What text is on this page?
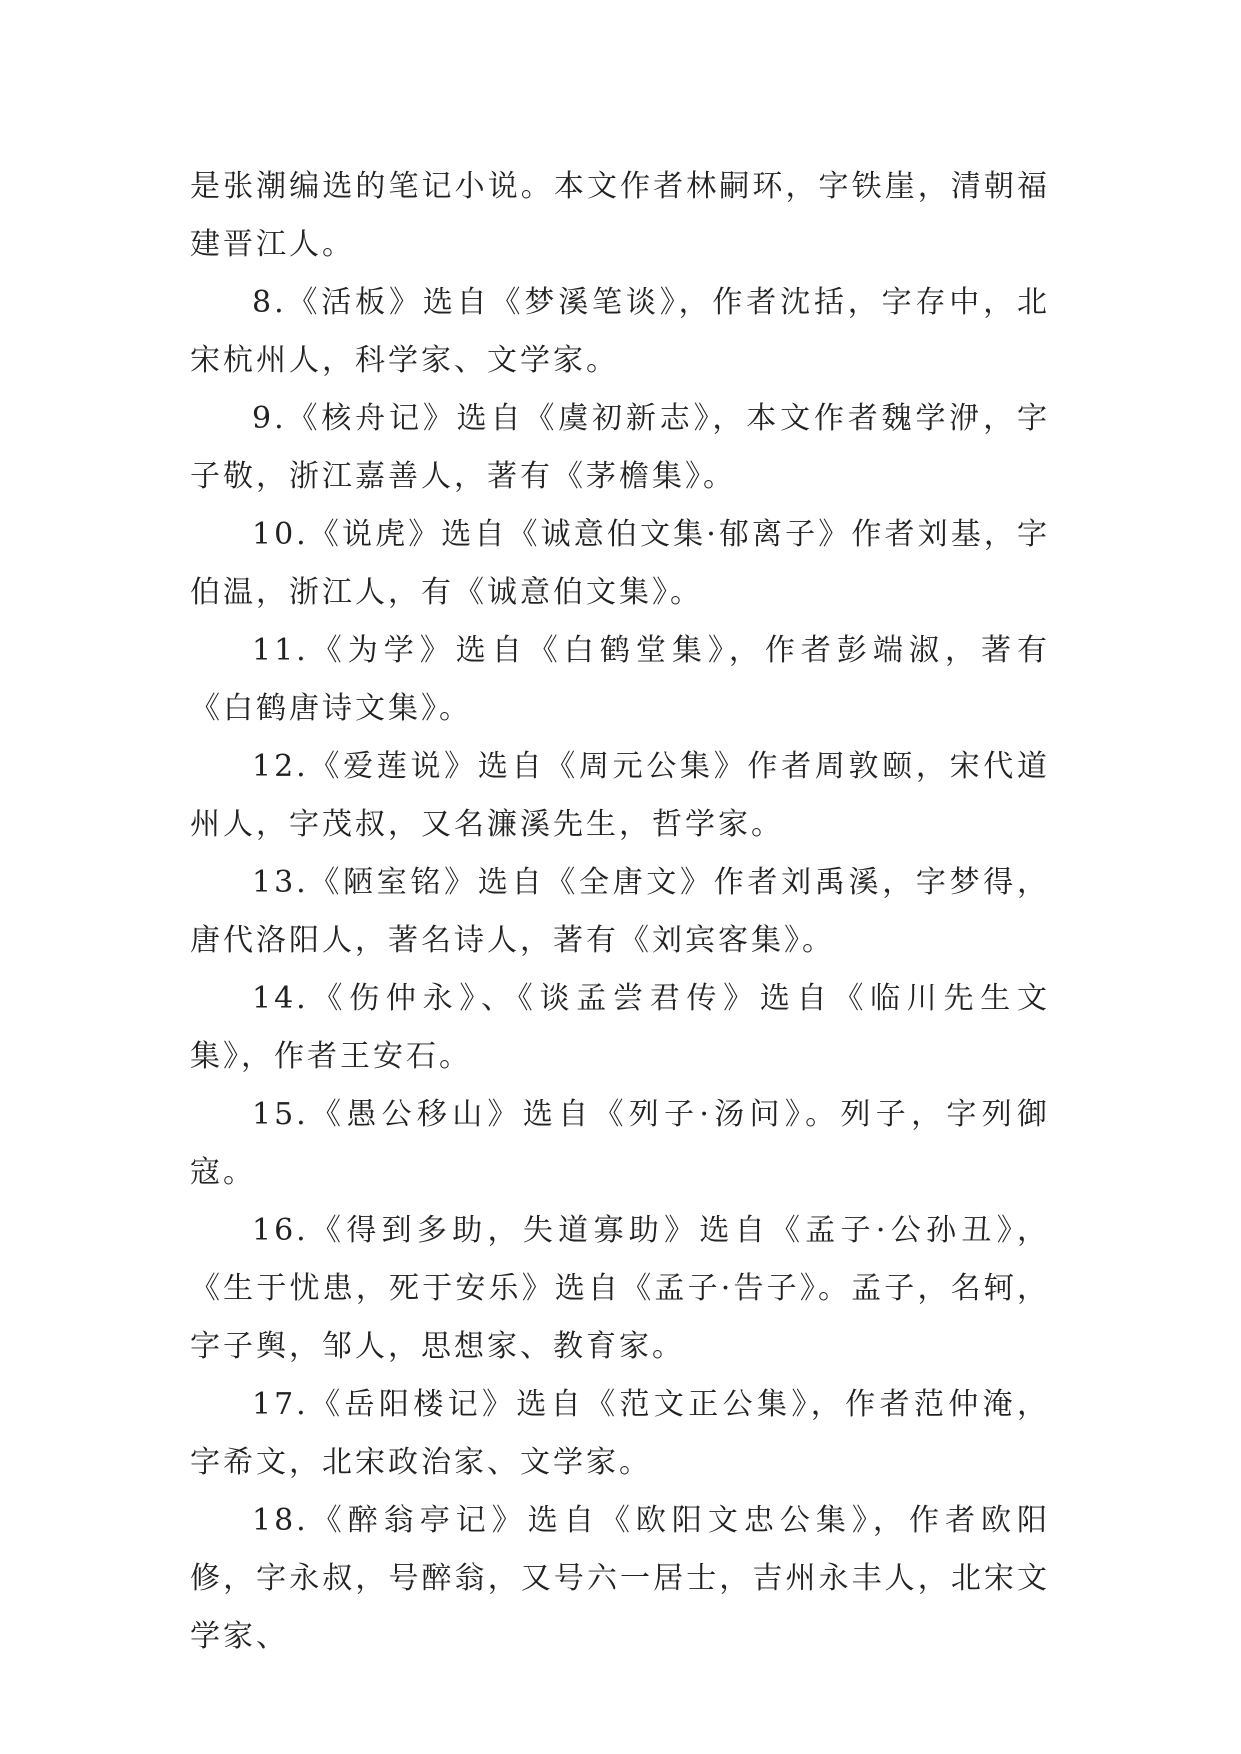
是张潮编选的笔记小说。本文作者林嗣环，字铁崖，清朝福建晋江人。

8.《活板》选自《梦溪笔谈》，作者沈括，字存中，北宋杭州人，科学家、文学家。

9.《核舟记》选自《虞初新志》，本文作者魏学洢，字子敬，浙江嘉善人，著有《茅檐集》。

10.《说虎》选自《诚意伯文集·郁离子》作者刘基，字伯温，浙江人，有《诚意伯文集》。

11.《为学》选自《白鹤堂集》，作者彭端淑，著有《白鹤唐诗文集》。

12.《爱莲说》选自《周元公集》作者周敦颐，宋代道州人，字茂叔，又名濂溪先生，哲学家。

13.《陋室铭》选自《全唐文》作者刘禹溪，字梦得，唐代洛阳人，著名诗人，著有《刘宾客集》。

14.《伤仲永》、《谈孟尝君传》选自《临川先生文集》，作者王安石。

15.《愚公移山》选自《列子·汤问》。列子，字列御寇。

16.《得到多助，失道寡助》选自《孟子·公孙丑》，《生于忧患，死于安乐》选自《孟子·告子》。孟子，名轲，字子舆，邹人，思想家、教育家。

17.《岳阳楼记》选自《范文正公集》，作者范仲淹，字希文，北宋政治家、文学家。

18.《醉翁亭记》选自《欧阳文忠公集》，作者欧阳修，字永叔，号醉翁，又号六一居士，吉州永丰人，北宋文学家、
